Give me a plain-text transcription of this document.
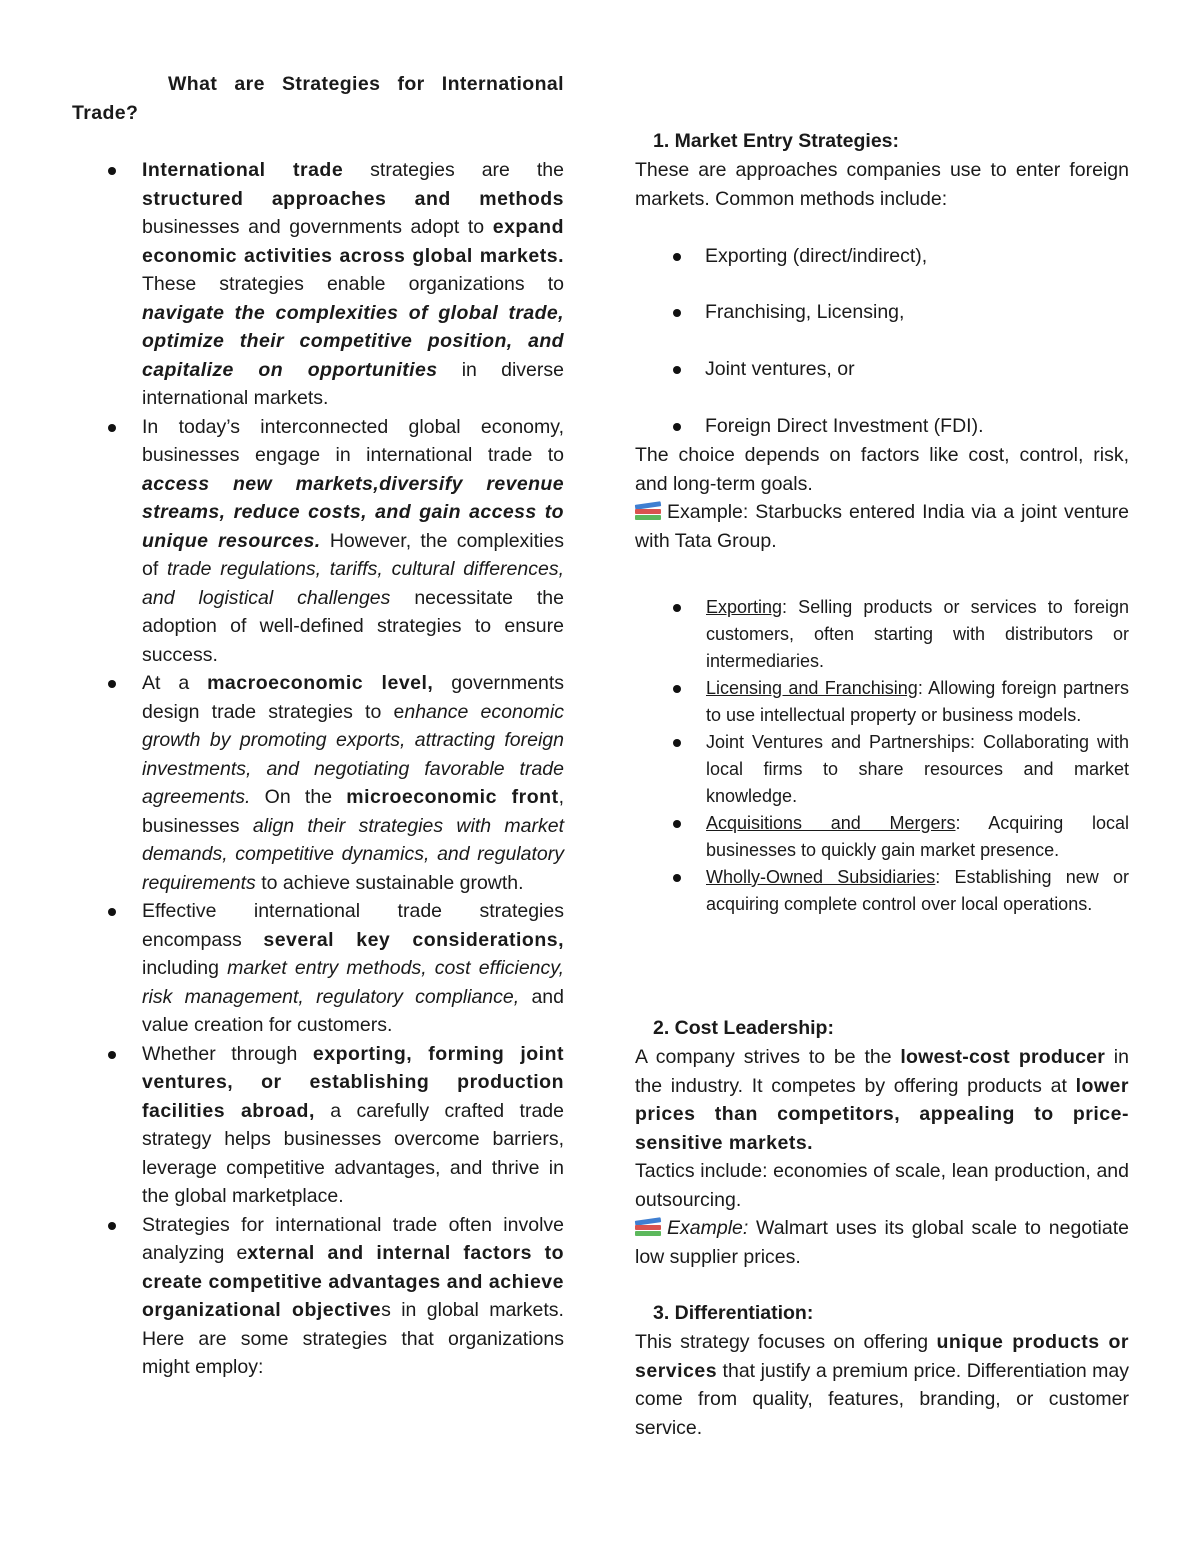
What are Strategies for International Trade?

International trade strategies are the structured approaches and methods businesses and governments adopt to expand economic activities across global markets. These strategies enable organizations to navigate the complexities of global trade, optimize their competitive position, and capitalize on opportunities in diverse international markets.
In today’s interconnected global economy, businesses engage in international trade to access new markets,diversify revenue streams, reduce costs, and gain access to unique resources. However, the complexities of trade regulations, tariffs, cultural differences, and logistical challenges necessitate the adoption of well-defined strategies to ensure success.
At a macroeconomic level, governments design trade strategies to enhance economic growth by promoting exports, attracting foreign investments, and negotiating favorable trade agreements. On the microeconomic front, businesses align their strategies with market demands, competitive dynamics, and regulatory requirements to achieve sustainable growth.
Effective international trade strategies encompass several key considerations, including market entry methods, cost efficiency, risk management, regulatory compliance, and value creation for customers.
Whether through exporting, forming joint ventures, or establishing production facilities abroad, a carefully crafted trade strategy helps businesses overcome barriers, leverage competitive advantages, and thrive in the global marketplace.
Strategies for international trade often involve analyzing external and internal factors to create competitive advantages and achieve organizational objectives in global markets. Here are some strategies that organizations might employ:

1. Market Entry Strategies:

These are approaches companies use to enter foreign markets. Common methods include:

Exporting (direct/indirect),
Franchising, Licensing,
Joint ventures, or
Foreign Direct Investment (FDI).

The choice depends on factors like cost, control, risk, and long-term goals.

Example: Starbucks entered India via a joint venture with Tata Group.

Exporting: Selling products or services to foreign customers, often starting with distributors or intermediaries.
Licensing and Franchising: Allowing foreign partners to use intellectual property or business models.
Joint Ventures and Partnerships: Collaborating with local firms to share resources and market knowledge.
Acquisitions and Mergers: Acquiring local businesses to quickly gain market presence.
Wholly-Owned Subsidiaries: Establishing new or acquiring complete control over local operations.

2. Cost Leadership:

A company strives to be the lowest-cost producer in the industry. It competes by offering products at lower prices than competitors, appealing to price-sensitive markets.

Tactics include: economies of scale, lean production, and outsourcing.

Example: Walmart uses its global scale to negotiate low supplier prices.

3. Differentiation:

This strategy focuses on offering unique products or services that justify a premium price. Differentiation may come from quality, features, branding, or customer service.
